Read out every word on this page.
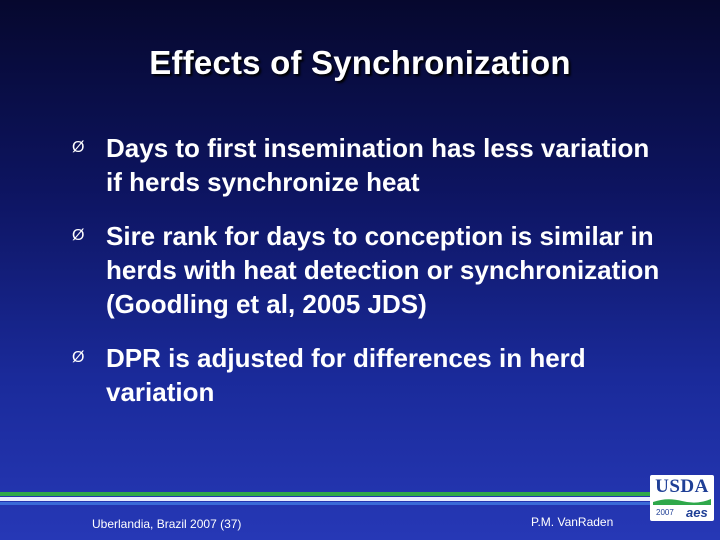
Effects of Synchronization
Ø Days to first insemination has less variation if herds synchronize heat
Ø Sire rank for days to conception is similar in herds with heat detection or synchronization (Goodling et al, 2005 JDS)
Ø DPR is adjusted for differences in herd variation
Uberlandia, Brazil 2007 (37)	P.M. VanRaden
USDA
2007 aes
